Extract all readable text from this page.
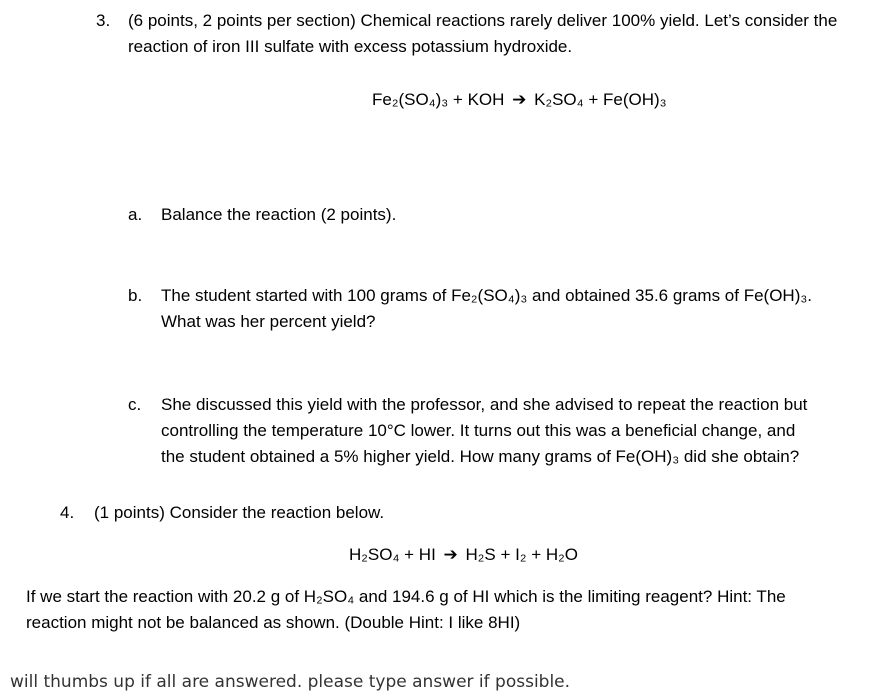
3. (6 points, 2 points per section) Chemical reactions rarely deliver 100% yield. Let’s consider the
reaction of iron III sulfate with excess potassium hydroxide.
Fe₂(SO₄)₃ + KOH ➔ K₂SO₄ + Fe(OH)₃
a. Balance the reaction (2 points).
b. The student started with 100 grams of Fe₂(SO₄)₃ and obtained 35.6 grams of Fe(OH)₃.
What was her percent yield?
c. She discussed this yield with the professor, and she advised to repeat the reaction but
controlling the temperature 10°C lower. It turns out this was a beneficial change, and
the student obtained a 5% higher yield. How many grams of Fe(OH)₃ did she obtain?
4. (1 points) Consider the reaction below.
H₂SO₄ + HI ➔ H₂S + I₂ + H₂O
If we start the reaction with 20.2 g of H₂SO₄ and 194.6 g of HI which is the limiting reagent? Hint: The
reaction might not be balanced as shown. (Double Hint: I like 8HI)
will thumbs up if all are answered. please type answer if possible.
